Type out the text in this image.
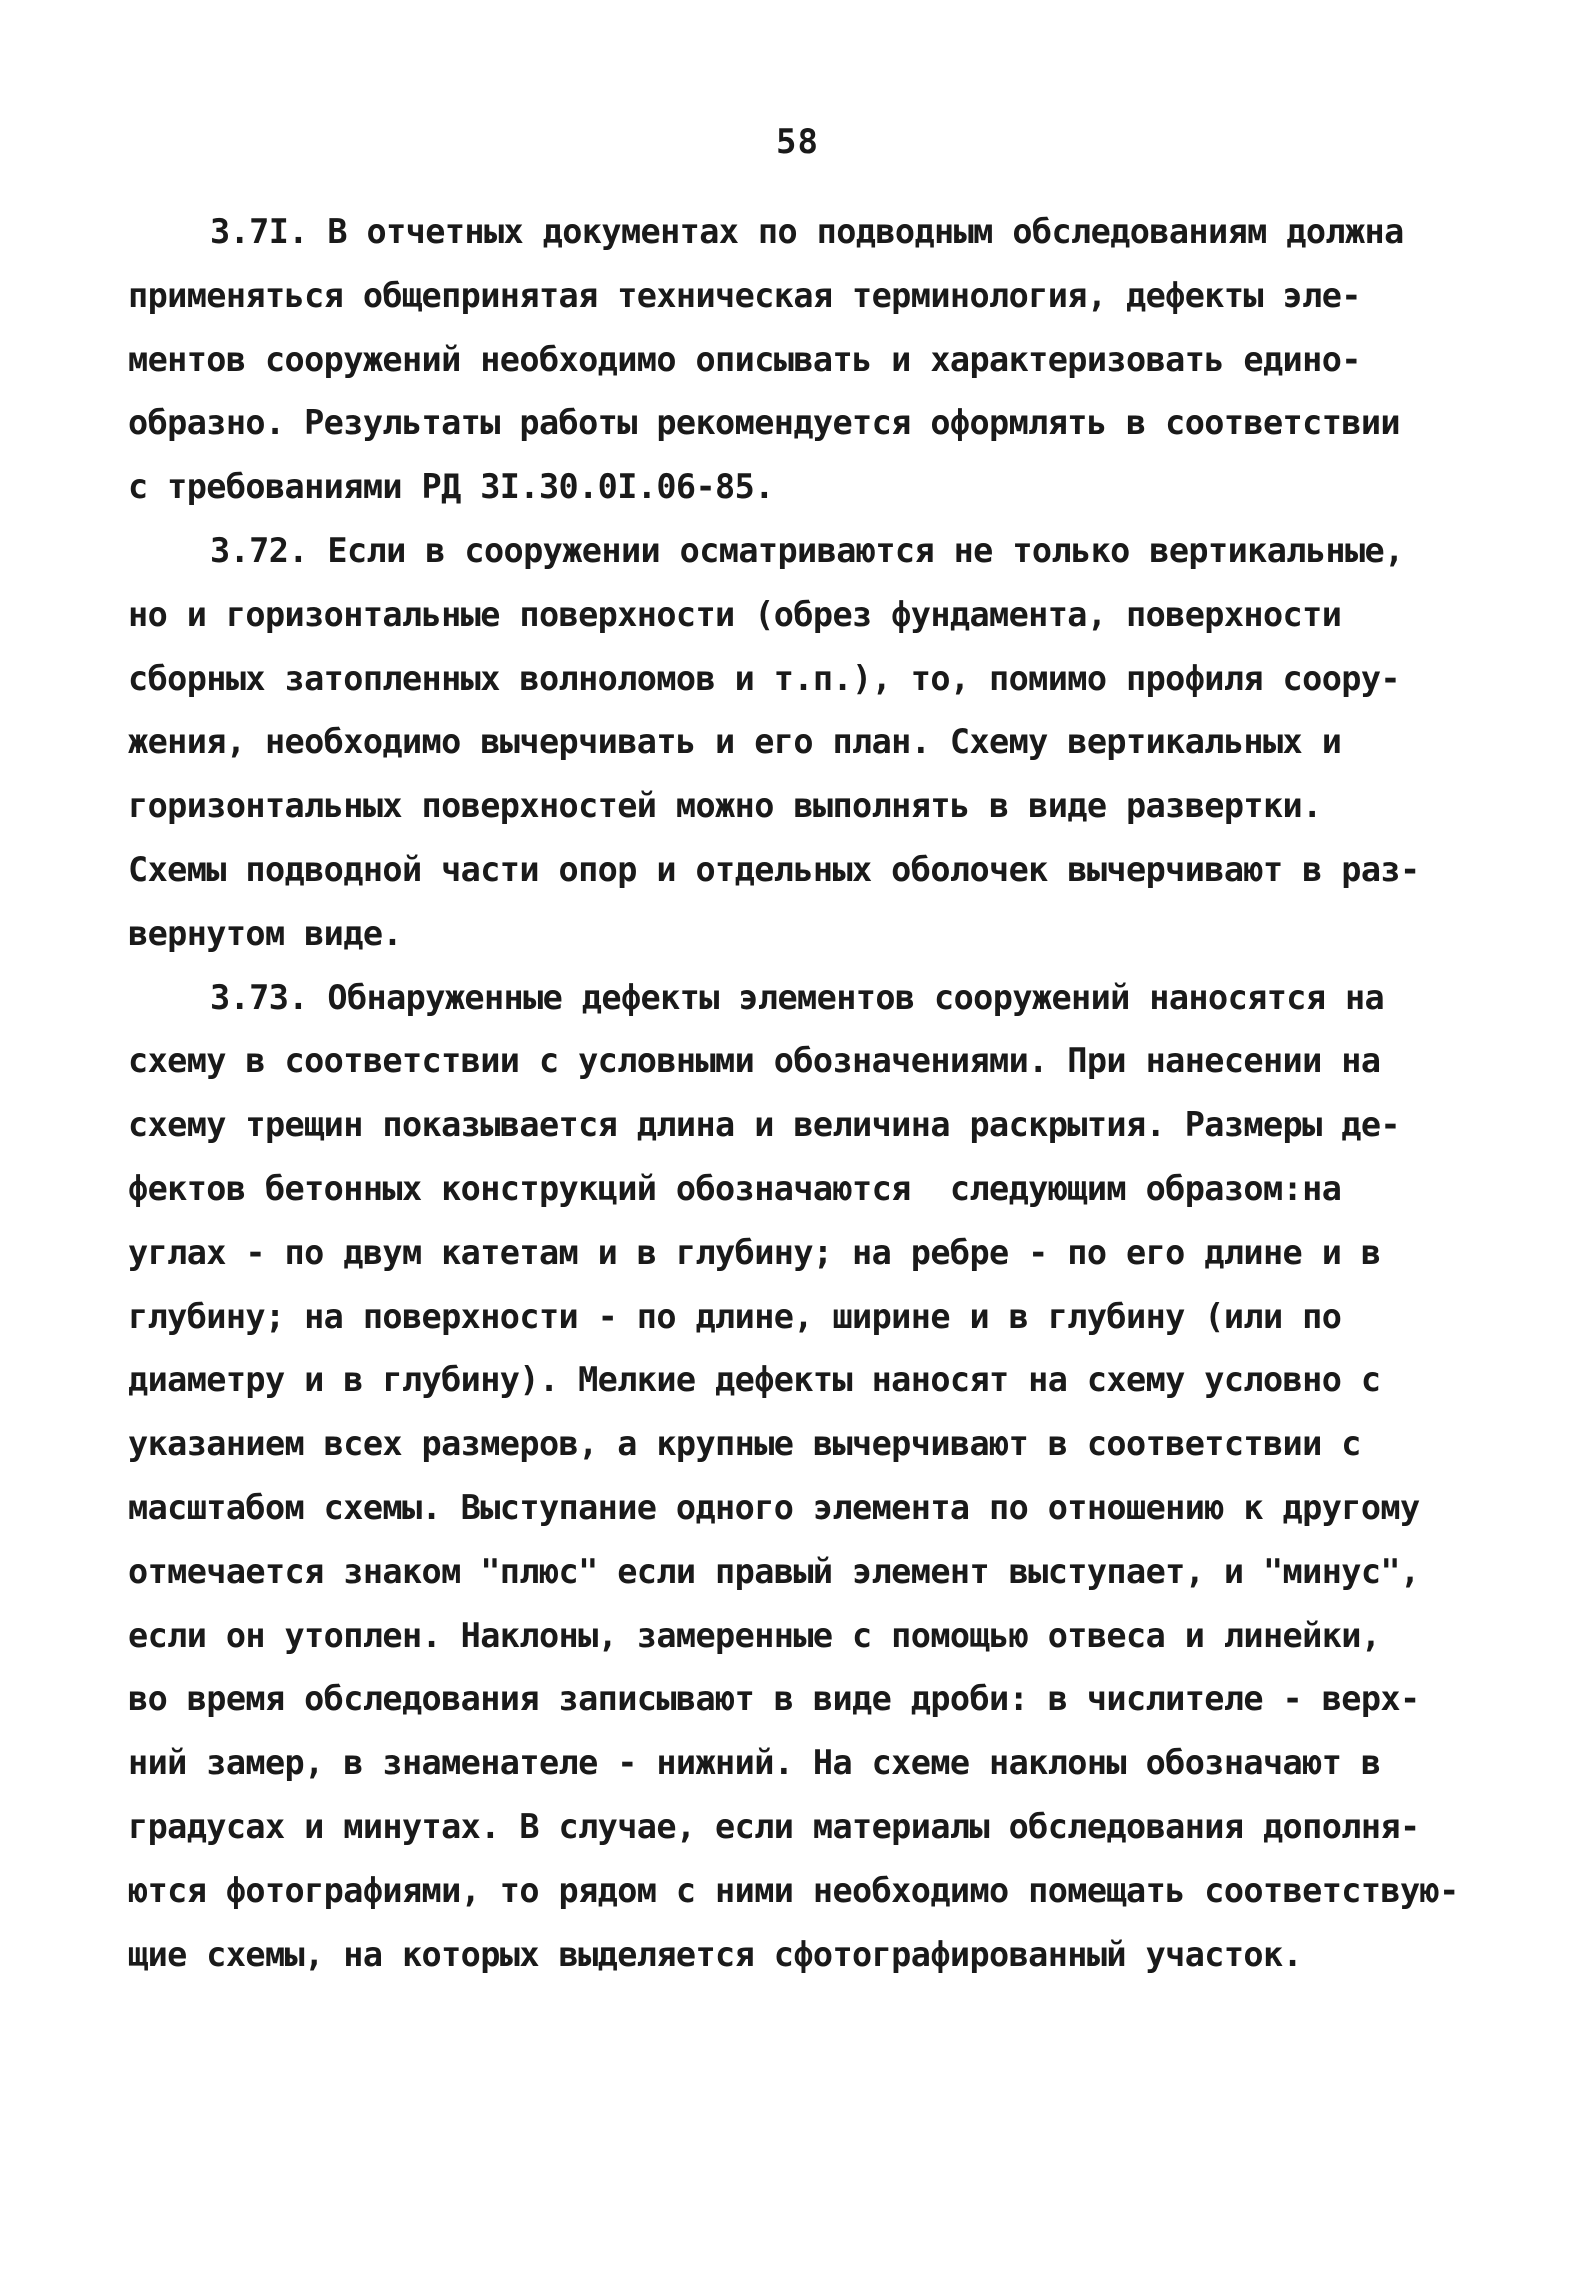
58
3.7I. В отчетных документах по подводным обследованиям должна
применяться общепринятая техническая терминология, дефекты эле-
ментов сооружений необходимо описывать и характеризовать едино-
образно. Результаты работы рекомендуется оформлять в соответствии
с требованиями РД 3I.30.0I.06-85.
3.72. Если в сооружении осматриваются не только вертикальные,
но и горизонтальные поверхности (обрез фундамента, поверхности
сборных затопленных волноломов и т.п.), то, помимо профиля соору-
жения, необходимо вычерчивать и его план. Схему вертикальных и
горизонтальных поверхностей можно выполнять в виде развертки.
Схемы подводной части опор и отдельных оболочек вычерчивают в раз-
вернутом виде.
3.73. Обнаруженные дефекты элементов сооружений наносятся на
схему в соответствии с условными обозначениями. При нанесении на
схему трещин показывается длина и величина раскрытия. Размеры де-
фектов бетонных конструкций обозначаются  следующим образом:на
углах - по двум катетам и в глубину; на ребре - по его длине и в
глубину; на поверхности - по длине, ширине и в глубину (или по
диаметру и в глубину). Мелкие дефекты наносят на схему условно с
указанием всех размеров, а крупные вычерчивают в соответствии с
масштабом схемы. Выступание одного элемента по отношению к другому
отмечается знаком "плюс" если правый элемент выступает, и "минус",
если он утоплен. Наклоны, замеренные с помощью отвеса и линейки,
во время обследования записывают в виде дроби: в числителе - верх-
ний замер, в знаменателе - нижний. На схеме наклоны обозначают в
градусах и минутах. В случае, если материалы обследования дополня-
ются фотографиями, то рядом с ними необходимо помещать соответствую-
щие схемы, на которых выделяется сфотографированный участок.
